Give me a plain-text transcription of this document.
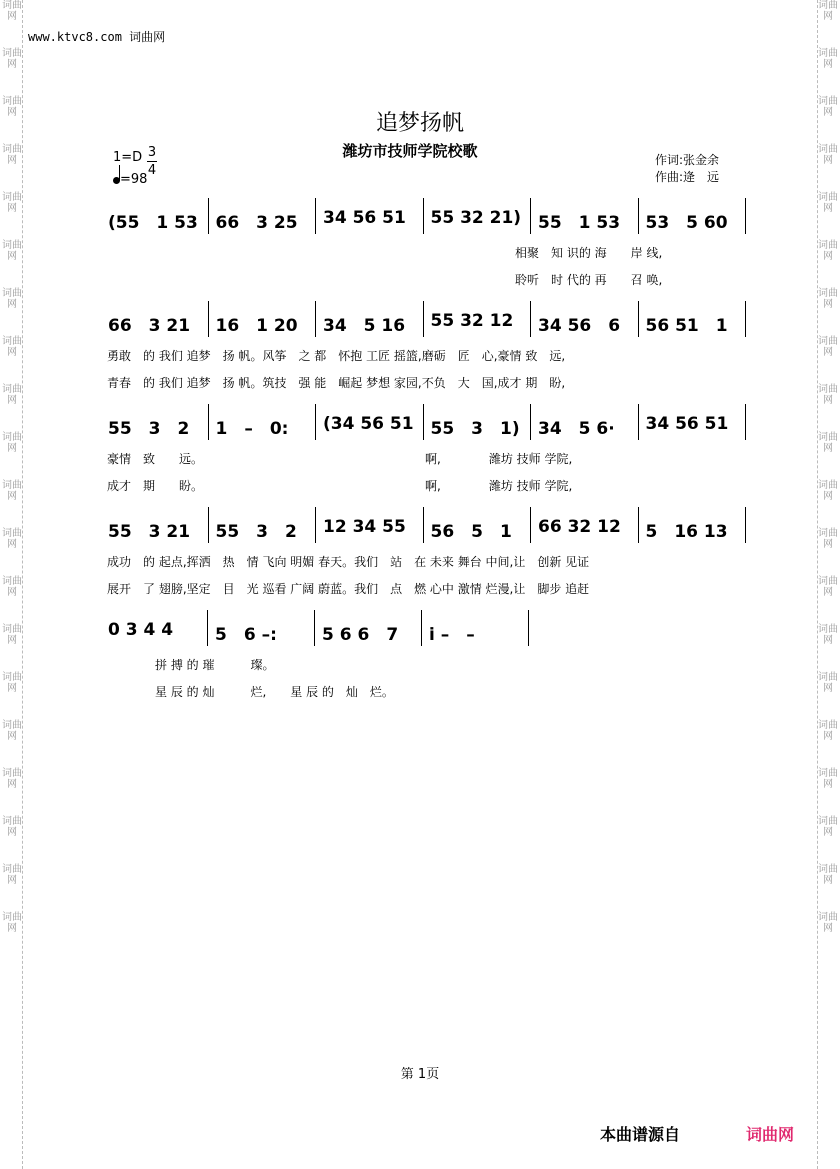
词曲网
词曲网
词曲网
词曲网
词曲网
词曲网
词曲网
词曲网
词曲网
词曲网
词曲网
词曲网
词曲网
词曲网
词曲网
词曲网
词曲网
词曲网
词曲网
词曲网
词曲网
词曲网
词曲网
词曲网
词曲网
词曲网
词曲网
词曲网
词曲网
词曲网
词曲网
词曲网
词曲网
词曲网
词曲网
词曲网
词曲网
词曲网
词曲网
词曲网
www.ktvc8.com 词曲网
追梦扬帆
潍坊市技师学院校歌
1=D 3
4
=98
作词:张金余
作曲:逄　远
(55　1 53 66　3 25 34 56 51 55 32 21) 55　1 53 53　5 60
　　　　　　　　　　　　　　　　　　　　　　　　　　　　　　　　　　相聚　知 识的 海　　岸 线,
　　　　　　　　　　　　　　　　　　　　　　　　　　　　　　　　　　聆听　时 代的 再　　召 唤,
66　3 21 16　1 20 34　5 16 55 32 12 34 56　6 56 51　1
勇敢　的 我们 追梦　扬 帆。风筝　之 都　怀抱 工匠 摇篮,磨砺　匠　心,豪情 致　远,
青春　的 我们 追梦　扬 帆。筑技　强 能　崛起 梦想 家园,不负　大　国,成才 期　盼,
55　3　2 1　–　0: (34 56 51 55　3　1) 34　5 6· 34 56 51
豪情　致　　远。　　　　　　　　　　　　　　　　　　　啊,　　　　潍坊 技师 学院,
成才　期　　盼。　　　　　　　　　　　　　　　　　　　啊,　　　　潍坊 技师 学院,
55　3 21 55　3　2 12 34 55 56　5　1 66 32 12 5　16 13
成功　的 起点,挥洒　热　情 飞向 明媚 春天。我们　站　在 未来 舞台 中间,让　创新 见证
展开　了 翅膀,坚定　目　光 巡看 广阔 蔚蓝。我们　点　燃 心中 激情 烂漫,让　脚步 追赶
0 3 4 4 5　6 –:	5 6 6　7 i̇ –　–
　　　　拼 搏 的 璀　　　璨。
　　　　星 辰 的 灿　　　烂,　　星 辰 的　灿　烂。
第 1页
本曲谱源自	词曲网
